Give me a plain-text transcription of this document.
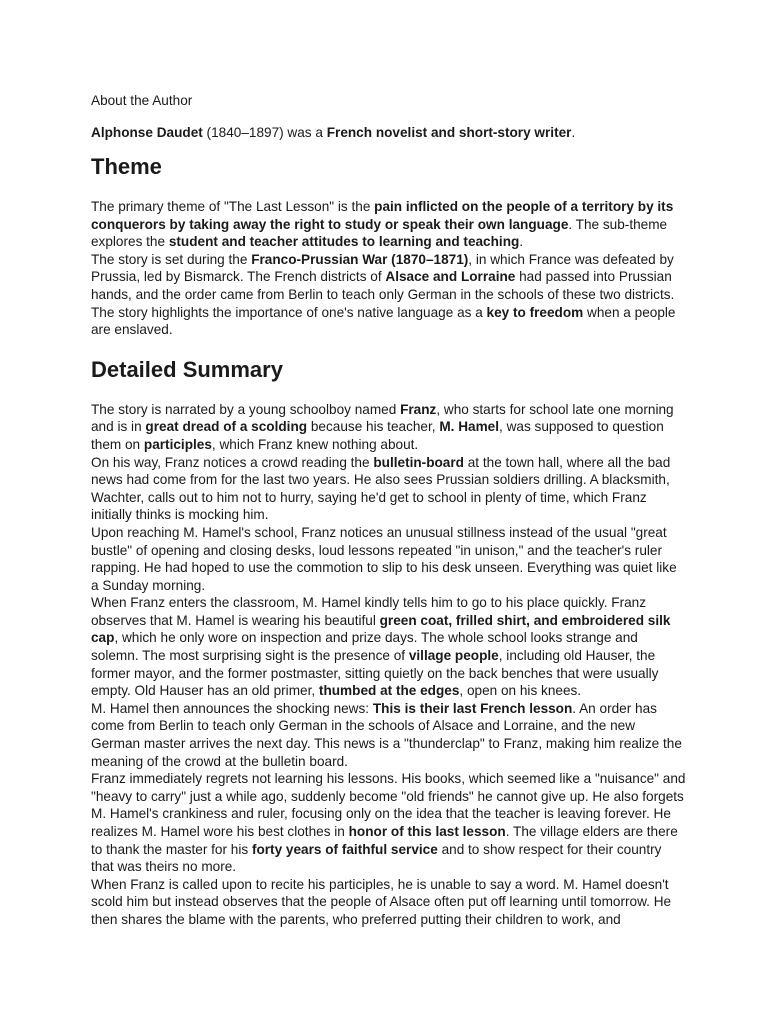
About the Author

Alphonse Daudet (1840–1897) was a French novelist and short-story writer.

Theme

The primary theme of "The Last Lesson" is the pain inflicted on the people of a territory by its conquerors by taking away the right to study or speak their own language. The sub-theme explores the student and teacher attitudes to learning and teaching.

The story is set during the Franco-Prussian War (1870–1871), in which France was defeated by Prussia, led by Bismarck. The French districts of Alsace and Lorraine had passed into Prussian hands, and the order came from Berlin to teach only German in the schools of these two districts. The story highlights the importance of one's native language as a key to freedom when a people are enslaved.

Detailed Summary

The story is narrated by a young schoolboy named Franz, who starts for school late one morning and is in great dread of a scolding because his teacher, M. Hamel, was supposed to question them on participles, which Franz knew nothing about.

On his way, Franz notices a crowd reading the bulletin-board at the town hall, where all the bad news had come from for the last two years. He also sees Prussian soldiers drilling. A blacksmith, Wachter, calls out to him not to hurry, saying he'd get to school in plenty of time, which Franz initially thinks is mocking him.

Upon reaching M. Hamel's school, Franz notices an unusual stillness instead of the usual "great bustle" of opening and closing desks, loud lessons repeated "in unison," and the teacher's ruler rapping. He had hoped to use the commotion to slip to his desk unseen. Everything was quiet like a Sunday morning.

When Franz enters the classroom, M. Hamel kindly tells him to go to his place quickly. Franz observes that M. Hamel is wearing his beautiful green coat, frilled shirt, and embroidered silk cap, which he only wore on inspection and prize days. The whole school looks strange and solemn. The most surprising sight is the presence of village people, including old Hauser, the former mayor, and the former postmaster, sitting quietly on the back benches that were usually empty. Old Hauser has an old primer, thumbed at the edges, open on his knees.

M. Hamel then announces the shocking news: This is their last French lesson. An order has come from Berlin to teach only German in the schools of Alsace and Lorraine, and the new German master arrives the next day. This news is a "thunderclap" to Franz, making him realize the meaning of the crowd at the bulletin board.

Franz immediately regrets not learning his lessons. His books, which seemed like a "nuisance" and "heavy to carry" just a while ago, suddenly become "old friends" he cannot give up. He also forgets M. Hamel's crankiness and ruler, focusing only on the idea that the teacher is leaving forever. He realizes M. Hamel wore his best clothes in honor of this last lesson. The village elders are there to thank the master for his forty years of faithful service and to show respect for their country that was theirs no more.

When Franz is called upon to recite his participles, he is unable to say a word. M. Hamel doesn't scold him but instead observes that the people of Alsace often put off learning until tomorrow. He then shares the blame with the parents, who preferred putting their children to work, and
